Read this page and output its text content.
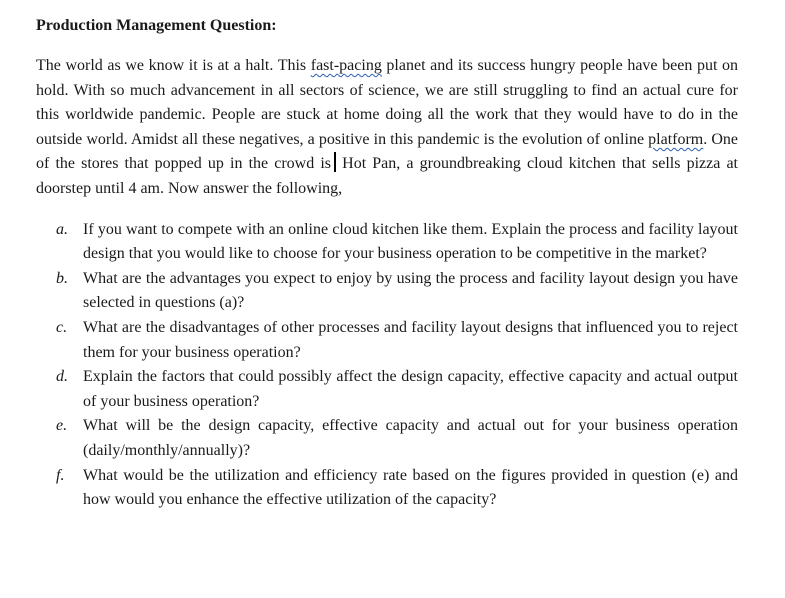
Production Management Question:

The world as we know it is at a halt. This fast-pacing planet and its success hungry people have been put on hold. With so much advancement in all sectors of science, we are still struggling to find an actual cure for this worldwide pandemic. People are stuck at home doing all the work that they would have to do in the outside world. Amidst all these negatives, a positive in this pandemic is the evolution of online platform. One of the stores that popped up in the crowd is Hot Pan, a groundbreaking cloud kitchen that sells pizza at doorstep until 4 am. Now answer the following,

a. If you want to compete with an online cloud kitchen like them. Explain the process and facility layout design that you would like to choose for your business operation to be competitive in the market?
b. What are the advantages you expect to enjoy by using the process and facility layout design you have selected in questions (a)?
c. What are the disadvantages of other processes and facility layout designs that influenced you to reject them for your business operation?
d. Explain the factors that could possibly affect the design capacity, effective capacity and actual output of your business operation?
e. What will be the design capacity, effective capacity and actual out for your business operation (daily/monthly/annually)?
f. What would be the utilization and efficiency rate based on the figures provided in question (e) and how would you enhance the effective utilization of the capacity?
